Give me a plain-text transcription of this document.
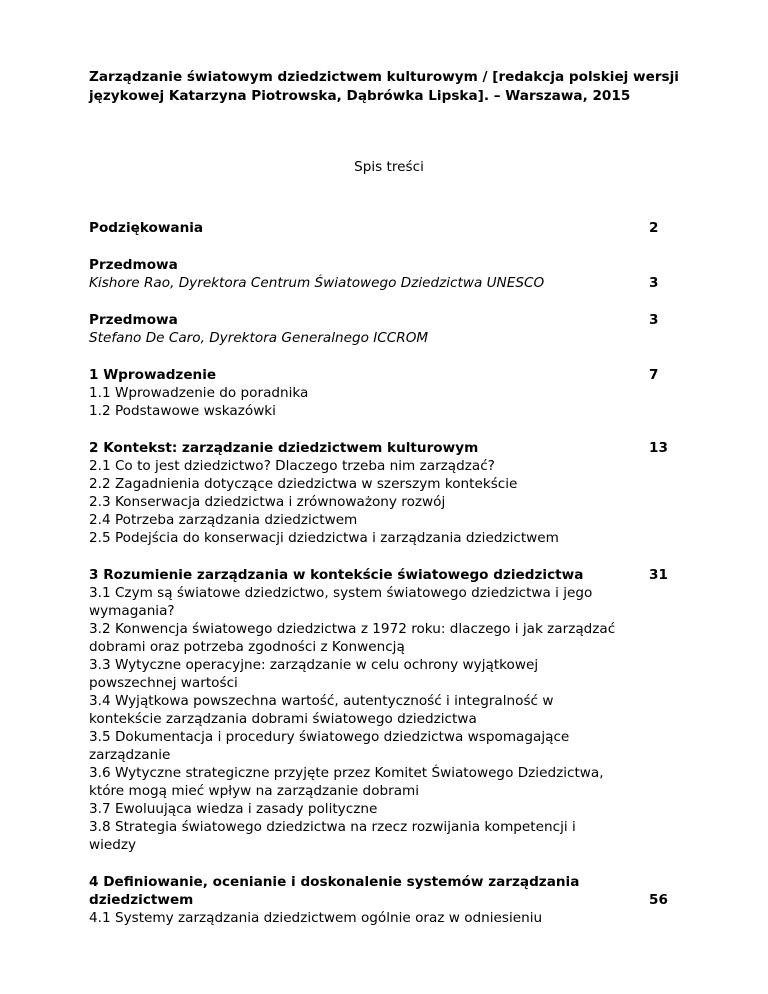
Zarządzanie światowym dziedzictwem kulturowym / [redakcja polskiej wersji językowej Katarzyna Piotrowska, Dąbrówka Lipska]. – Warszawa, 2015

Spis treści

Podziękowania	2

Przedmowa

Kishore Rao, Dyrektora Centrum Światowego Dziedzictwa UNESCO	3

Przedmowa

Stefano De Caro, Dyrektora Generalnego ICCROM

3

1 Wprowadzenie

1.1 Wprowadzenie do poradnika

1.2 Podstawowe wskazówki

7

2 Kontekst: zarządzanie dziedzictwem kulturowym

2.1 Co to jest dziedzictwo? Dlaczego trzeba nim zarządzać?

2.2 Zagadnienia dotyczące dziedzictwa w szerszym kontekście

2.3 Konserwacja dziedzictwa i zrównoważony rozwój

2.4 Potrzeba zarządzania dziedzictwem

2.5 Podejścia do konserwacji dziedzictwa i zarządzania dziedzictwem

13

3 Rozumienie zarządzania w kontekście światowego dziedzictwa

3.1 Czym są światowe dziedzictwo, system światowego dziedzictwa i jego wymagania?

3.2 Konwencja światowego dziedzictwa z 1972 roku: dlaczego i jak zarządzać dobrami oraz potrzeba zgodności z Konwencją

3.3 Wytyczne operacyjne: zarządzanie w celu ochrony wyjątkowej powszechnej wartości

3.4 Wyjątkowa powszechna wartość, autentyczność i integralność w kontekście zarządzania dobrami światowego dziedzictwa

3.5 Dokumentacja i procedury światowego dziedzictwa wspomagające zarządzanie

3.6 Wytyczne strategiczne przyjęte przez Komitet Światowego Dziedzictwa, które mogą mieć wpływ na zarządzanie dobrami

3.7 Ewoluująca wiedza i zasady polityczne

3.8 Strategia światowego dziedzictwa na rzecz rozwijania kompetencji i wiedzy

31

4 Definiowanie, ocenianie i doskonalenie systemów zarządzania dziedzictwem

4.1 Systemy zarządzania dziedzictwem ogólnie oraz w odniesieniu

56
